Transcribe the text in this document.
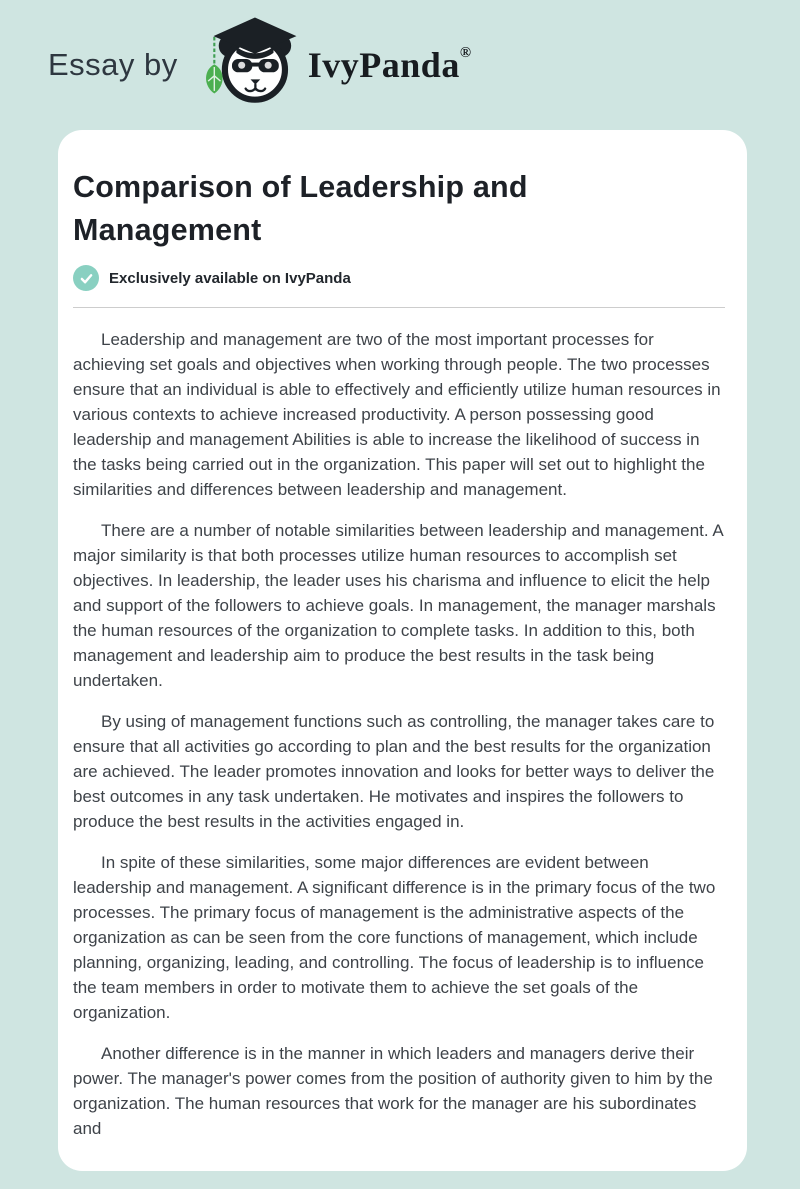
Essay by	IvyPanda®
Comparison of Leadership and Management
Exclusively available on IvyPanda

Leadership and management are two of the most important processes for achieving set goals and objectives when working through people. The two processes ensure that an individual is able to effectively and efficiently utilize human resources in various contexts to achieve increased productivity. A person possessing good leadership and management Abilities is able to increase the likelihood of success in the tasks being carried out in the organization. This paper will set out to highlight the similarities and differences between leadership and management.

There are a number of notable similarities between leadership and management. A major similarity is that both processes utilize human resources to accomplish set objectives. In leadership, the leader uses his charisma and influence to elicit the help and support of the followers to achieve goals. In management, the manager marshals the human resources of the organization to complete tasks. In addition to this, both management and leadership aim to produce the best results in the task being undertaken.

By using of management functions such as controlling, the manager takes care to ensure that all activities go according to plan and the best results for the organization are achieved. The leader promotes innovation and looks for better ways to deliver the best outcomes in any task undertaken. He motivates and inspires the followers to produce the best results in the activities engaged in.

In spite of these similarities, some major differences are evident between leadership and management. A significant difference is in the primary focus of the two processes. The primary focus of management is the administrative aspects of the organization as can be seen from the core functions of management, which include planning, organizing, leading, and controlling. The focus of leadership is to influence the team members in order to motivate them to achieve the set goals of the organization.

Another difference is in the manner in which leaders and managers derive their power. The manager's power comes from the position of authority given to him by the organization. The human resources that work for the manager are his subordinates and
